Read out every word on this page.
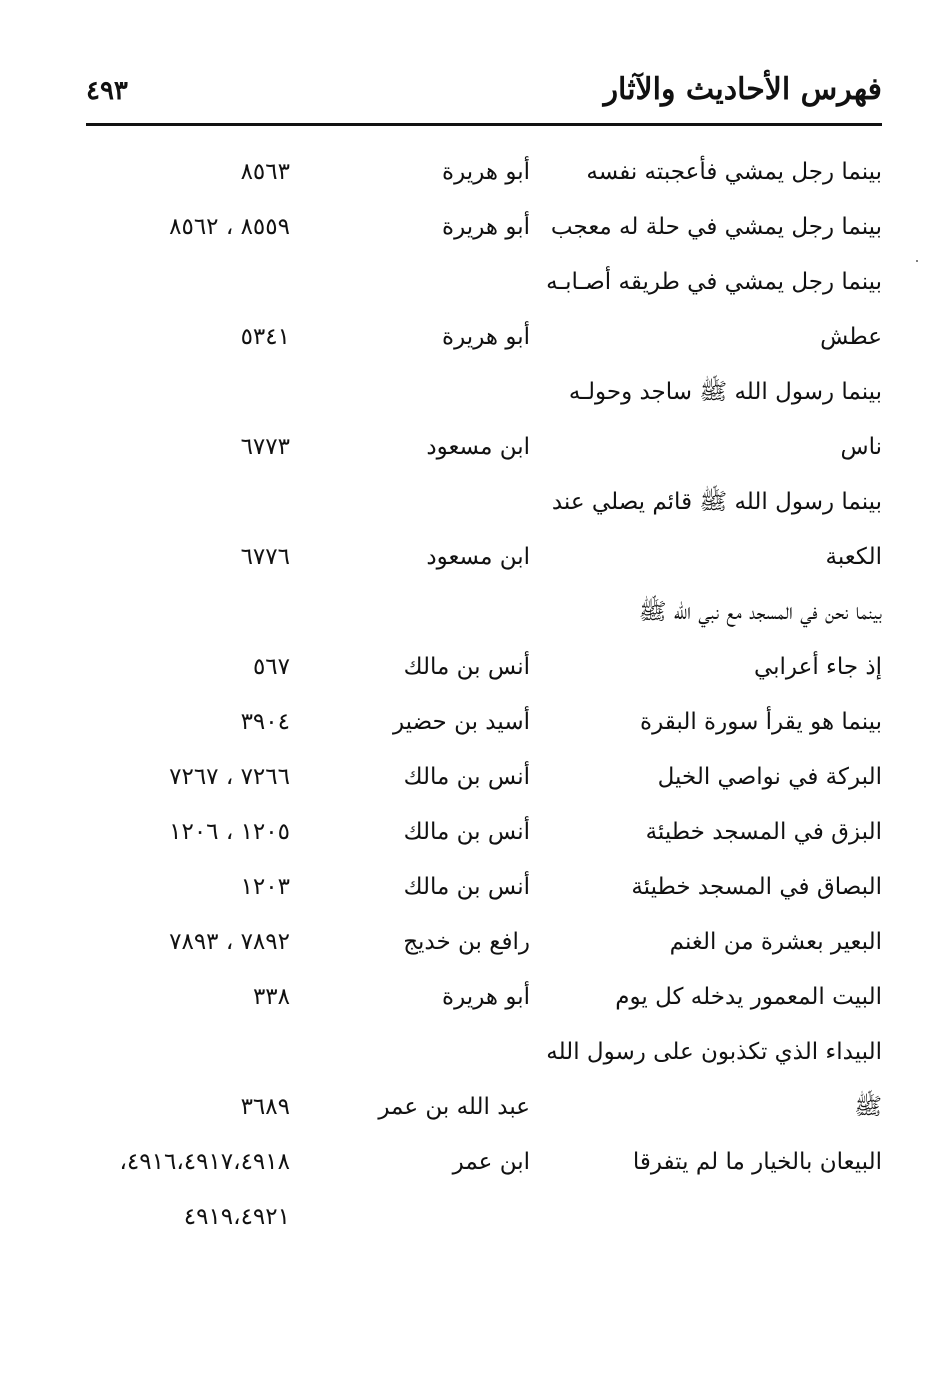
٤٩٣	فهرس الأحاديث والآثار
بينما رجل يمشي فأعجبته نفسه
أبو هريرة
٨٥٦٣
بينما رجل يمشي في حلة له معجب
أبو هريرة
٨٥٥٩ ، ٨٥٦٢
بينما رجل يمشي في طريقه أصـابـه
عطش
أبو هريرة
٥٣٤١
بينما رسول الله ﷺ ساجد وحولـه
ناس
ابن مسعود
٦٧٧٣
بينما رسول الله ﷺ قائم يصلي عند
الكعبة
ابن مسعود
٦٧٧٦
بينما نحن في المسجد مع نبي الله ﷺ
إذ جاء أعرابي
أنس بن مالك
٥٦٧
بينما هو يقرأ سورة البقرة
أسيد بن حضير
٣٩٠٤
البركة في نواصي الخيل
أنس بن مالك
٧٢٦٦ ، ٧٢٦٧
البزق في المسجد خطيئة
أنس بن مالك
١٢٠٥ ، ١٢٠٦
البصاق في المسجد خطيئة
أنس بن مالك
١٢٠٣
البعير بعشرة من الغنم
رافع بن خديج
٧٨٩٢ ، ٧٨٩٣
البيت المعمور يدخله كل يوم
أبو هريرة
٣٣٨
البيداء الذي تكذبون على رسول الله
ﷺ
عبد الله بن عمر
٣٦٨٩
البيعان بالخيار ما لم يتفرقا
ابن عمر
٤٩١٦،٤٩١٧،٤٩١٨،
٤٩١٩،٤٩٢١
